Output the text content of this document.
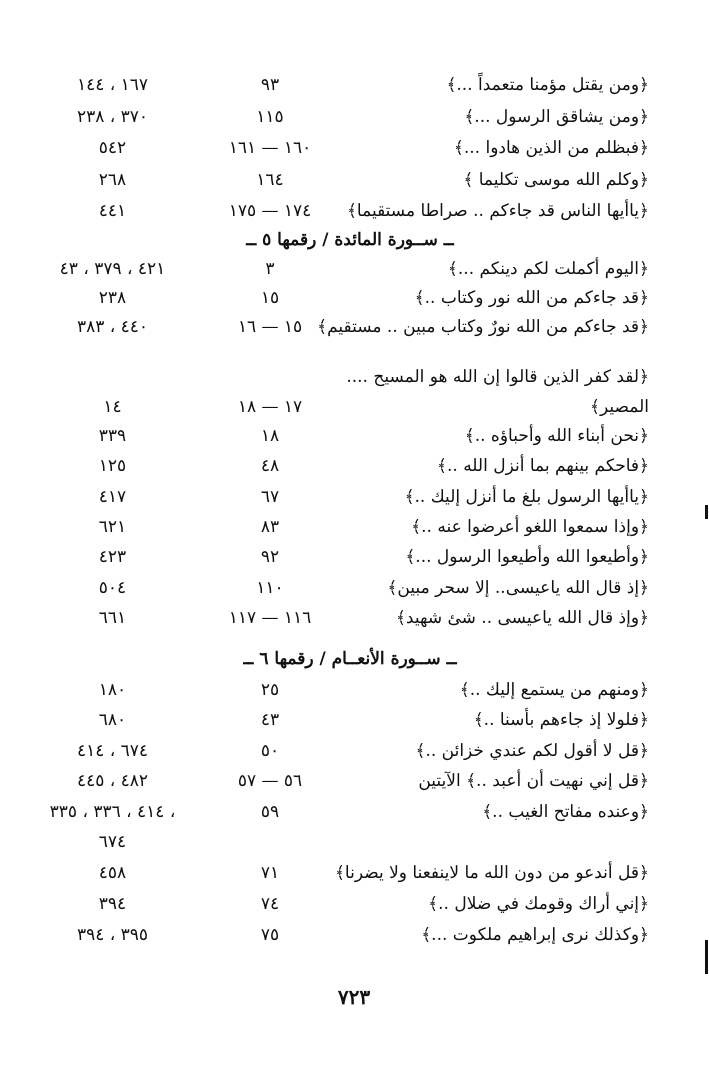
﴿ومن يقتل مؤمنا متعمداً ...﴾
٩٣
١٦٧ ، ١٤٤
﴿ومن يشاقق الرسول ...﴾
١١٥
٣٧٠ ، ٢٣٨
﴿فبظلم من الذين هادوا ...﴾
١٦٠ — ١٦١
٥٤٢
﴿وكلم الله موسى تكليما ﴾
١٦٤
٢٦٨
﴿ياأيها الناس قد جاءكم .. صراطا مستقيما﴾
١٧٤ — ١٧٥
٤٤١
ــ ســورة المائدة / رقمها ٥ ــ
﴿اليوم أكملت لكم دينكم ...﴾
٣
٤٢١ ، ٣٧٩ ، ٤٣
﴿قد جاءكم من الله نور وكتاب ..﴾
١٥
٢٣٨
﴿قد جاءكم من الله نورٌ وكتاب مبين .. مستقيم﴾
١٥ — ١٦
٤٤٠ ، ٣٨٣
﴿لقد كفر الذين قالوا إن الله هو المسيح ....
المصير﴾
١٧ — ١٨
١٤
﴿نحن أبناء الله وأحباؤه ..﴾
١٨
٣٣٩
﴿فاحكم بينهم بما أنزل الله ..﴾
٤٨
١٢٥
﴿ياأيها الرسول بلغ ما أنزل إليك ..﴾
٦٧
٤١٧
﴿وإذا سمعوا اللغو أعرضوا عنه ..﴾
٨٣
٦٢١
﴿وأطيعوا الله وأطيعوا الرسول ...﴾
٩٢
٤٢٣
﴿إذ قال الله ياعيسى.. إلا سحر مبين﴾
١١٠
٥٠٤
﴿وإذ قال الله ياعيسى .. شئ شهيد﴾
١١٦ — ١١٧
٦٦١
ــ ســورة الأنعــام / رقمها ٦ ــ
﴿ومنهم من يستمع إليك ..﴾
٢٥
١٨٠
﴿فلولا إذ جاءهم بأسنا ..﴾
٤٣
٦٨٠
﴿قل لا أقول لكم عندي خزائن ..﴾
٥٠
٦٧٤ ، ٤١٤
﴿قل إني نهيت أن أعبد ..﴾ الآيتين
٥٦ — ٥٧
٤٨٢ ، ٤٤٥
﴿وعنده مفاتح الغيب ..﴾
٥٩
، ٤١٤ ، ٣٣٦ ، ٣٣٥
٦٧٤
﴿قل أندعو من دون الله ما لاينفعنا ولا يضرنا﴾
٧١
٤٥٨
﴿إني أراك وقومك في ضلال ..﴾
٧٤
٣٩٤
﴿وكذلك نرى إبراهيم ملكوت ...﴾
٧٥
٣٩٥ ، ٣٩٤
٧٢٣
